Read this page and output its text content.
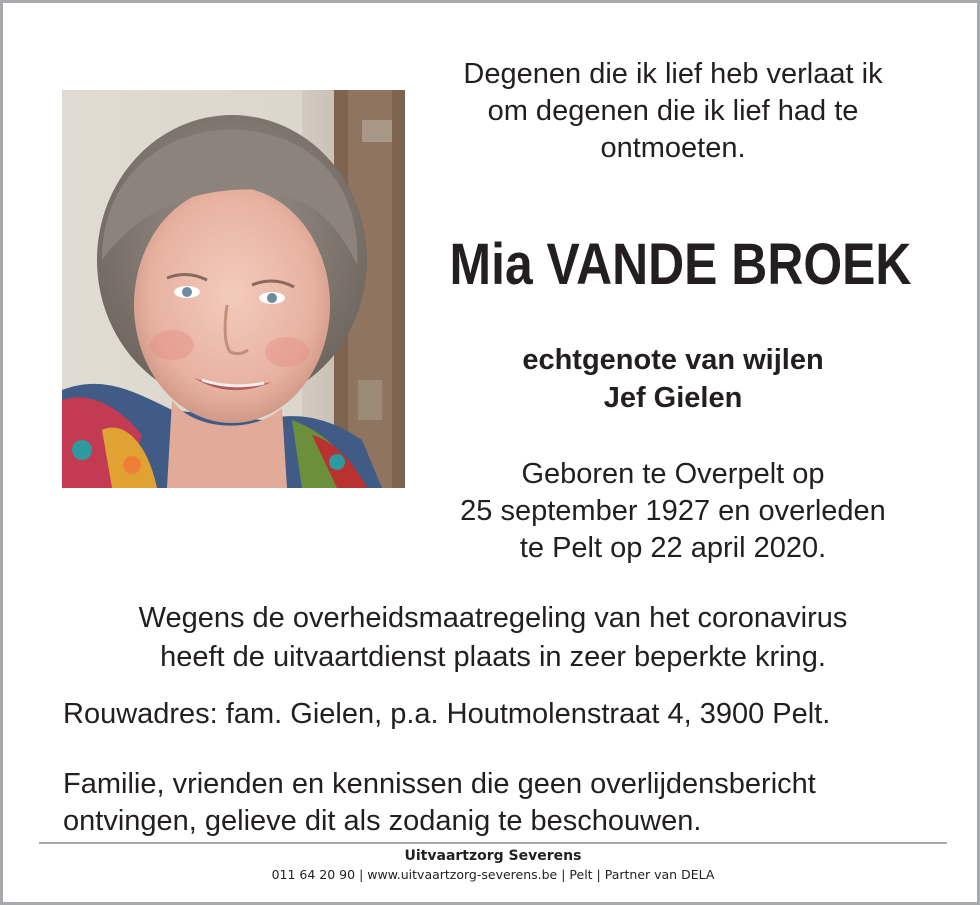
Degenen die ik lief heb verlaat ik
om degenen die ik lief had te
ontmoeten.
Mia VANDE BROEK
echtgenote van wijlen
Jef Gielen
Geboren te Overpelt op
25 september 1927 en overleden
te Pelt op 22 april 2020.
Wegens de overheidsmaatregeling van het coronavirus
heeft de uitvaartdienst plaats in zeer beperkte kring.
Rouwadres: fam. Gielen, p.a. Houtmolenstraat 4, 3900 Pelt.
Familie, vrienden en kennissen die geen overlijdensbericht
ontvingen, gelieve dit als zodanig te beschouwen.
Uitvaartzorg Severens
011 64 20 90 | www.uitvaartzorg-severens.be | Pelt | Partner van DELA
